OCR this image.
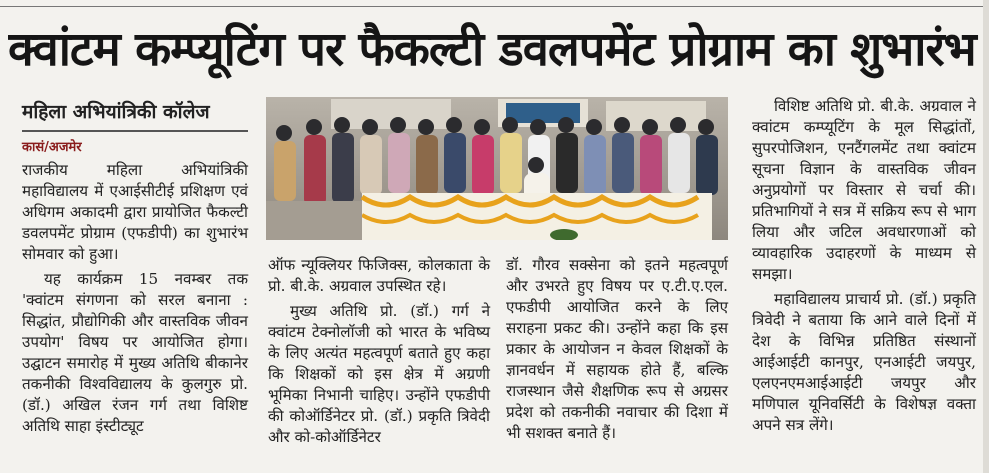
क्वांटम कम्प्यूटिंग पर फैकल्टी डवलपमेंट प्रोग्राम का शुभारंभ
महिला अभियांत्रिकी कॉलेज
कासं/अजमेर

राजकीय महिला अभियांत्रिकी महाविद्यालय में एआईसीटीई प्रशिक्षण एवं अधिगम अकादमी द्वारा प्रायोजित फैकल्टी डवलपमेंट प्रोग्राम (एफडीपी) का शुभारंभ सोमवार को हुआ।

यह कार्यक्रम 15 नवम्बर तक 'क्वांटम संगणना को सरल बनाना : सिद्धांत, प्रौद्योगिकी और वास्तविक जीवन उपयोग' विषय पर आयोजित होगा। उद्घाटन समारोह में मुख्य अतिथि बीकानेर तकनीकी विश्वविद्यालय के कुलगुरु प्रो. (डॉ.) अखिल रंजन गर्ग तथा विशिष्ट अतिथि साहा इंस्टीट्यूट

ऑफ न्यूक्लियर फिजिक्स, कोलकाता के प्रो. बी.के. अग्रवाल उपस्थित रहे।

मुख्य अतिथि प्रो. (डॉ.) गर्ग ने क्वांटम टेक्नोलॉजी को भारत के भविष्य के लिए अत्यंत महत्वपूर्ण बताते हुए कहा कि शिक्षकों को इस क्षेत्र में अग्रणी भूमिका निभानी चाहिए। उन्होंने एफडीपी की कोऑर्डिनेटर प्रो. (डॉ.) प्रकृति त्रिवेदी और को-कोऑर्डिनेटर

डॉ. गौरव सक्सेना को इतने महत्वपूर्ण और उभरते हुए विषय पर ए.टी.ए.एल. एफडीपी आयोजित करने के लिए सराहना प्रकट की। उन्होंने कहा कि इस प्रकार के आयोजन न केवल शिक्षकों के ज्ञानवर्धन में सहायक होते हैं, बल्कि राजस्थान जैसे शैक्षणिक रूप से अग्रसर प्रदेश को तकनीकी नवाचार की दिशा में भी सशक्त बनाते हैं।

विशिष्ट अतिथि प्रो. बी.के. अग्रवाल ने क्वांटम कम्प्यूटिंग के मूल सिद्धांतों, सुपरपोजिशन, एनटैंगलमेंट तथा क्वांटम सूचना विज्ञान के वास्तविक जीवन अनुप्रयोगों पर विस्तार से चर्चा की। प्रतिभागियों ने सत्र में सक्रिय रूप से भाग लिया और जटिल अवधारणाओं को व्यावहारिक उदाहरणों के माध्यम से समझा।

महाविद्यालय प्राचार्य प्रो. (डॉ.) प्रकृति त्रिवेदी ने बताया कि आने वाले दिनों में देश के विभिन्न प्रतिष्ठित संस्थानों आईआईटी कानपुर, एनआईटी जयपुर, एलएनएमआईआईटी जयपुर और मणिपाल यूनिवर्सिटी के विशेषज्ञ वक्ता अपने सत्र लेंगे।
